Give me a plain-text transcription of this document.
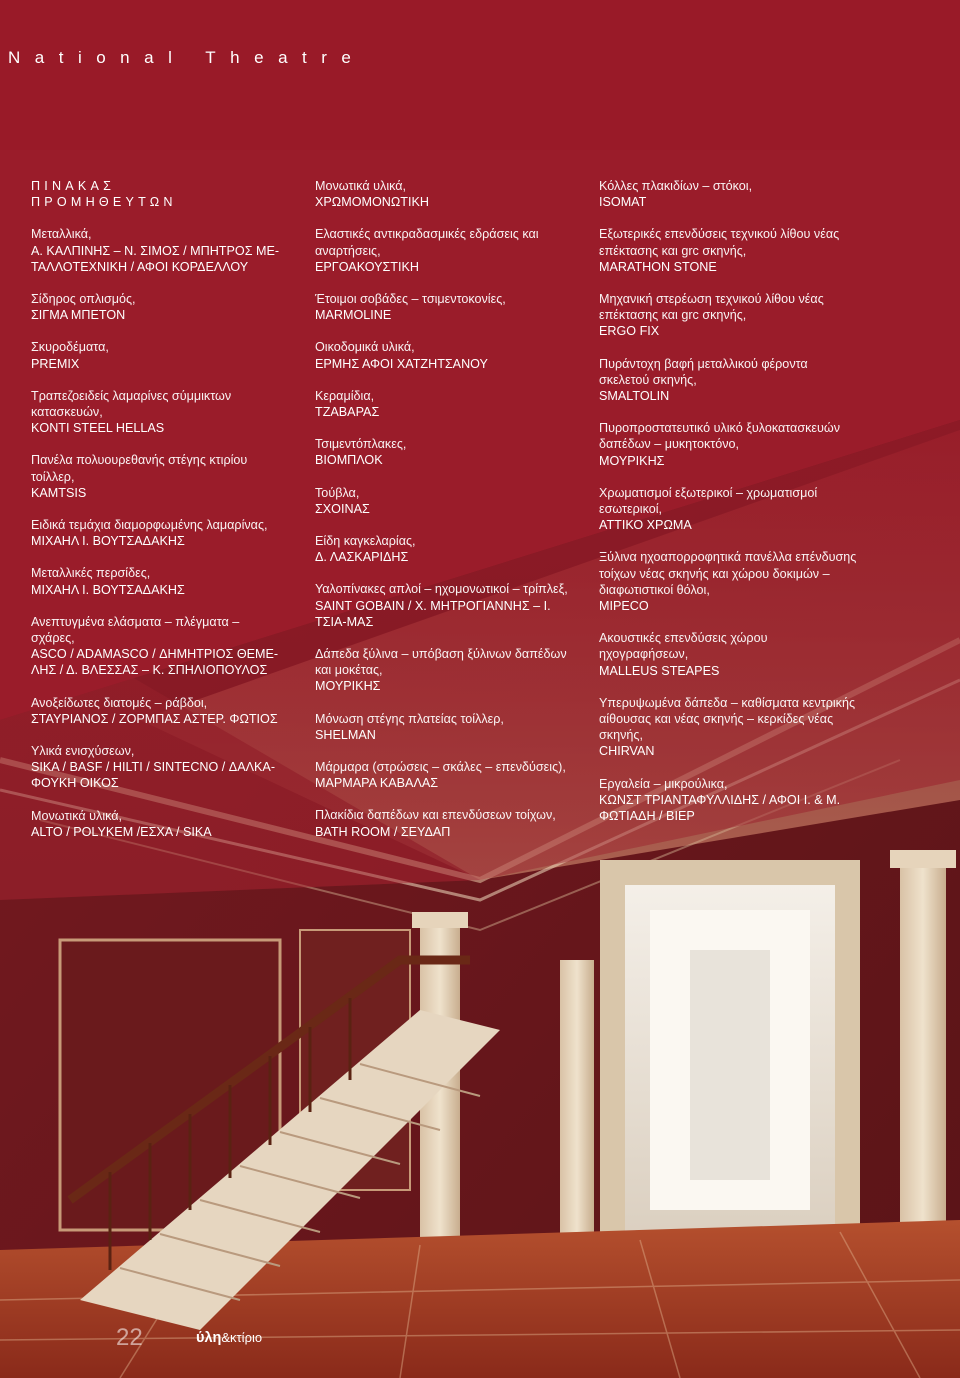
National Theatre
ΠΙΝΑΚΑΣ
ΠΡΟΜΗΘΕΥΤΩΝ
Μεταλλικά,
Α. ΚΑΛΠΙΝΗΣ – Ν. ΣΙΜΟΣ / ΜΠΗΤΡΟΣ ΜΕ-ΤΑΛΛΟΤΕΧΝΙΚΗ / ΑΦΟΙ ΚΟΡΔΕΛΛΟΥ
Σίδηρος οπλισμός,
ΣΙΓΜΑ ΜΠΕΤΟΝ
Σκυροδέματα,
PREMIX
Τραπεζοειδείς λαμαρίνες σύμμικτων κατασκευών,
KONTI STEEL HELLAS
Πανέλα πολυουρεθανής στέγης κτιρίου τοίλλερ,
KAMTSIS
Ειδικά τεμάχια διαμορφωμένης λαμαρίνας,
ΜΙΧΑΗΛ Ι. ΒΟΥΤΣΑΔΑΚΗΣ
Μεταλλικές περσίδες,
ΜΙΧΑΗΛ Ι. ΒΟΥΤΣΑΔΑΚΗΣ
Ανεπτυγμένα ελάσματα – πλέγματα – σχάρες,
ASCO / ADAMASCO / ΔΗΜΗΤΡΙΟΣ ΘΕΜΕ-ΛΗΣ / Δ. ΒΛΕΣΣΑΣ – Κ. ΣΠΗΛΙΟΠΟΥΛΟΣ
Ανοξείδωτες διατομές – ράβδοι,
ΣΤΑΥΡΙΑΝΟΣ / ΖΟΡΜΠΑΣ ΑΣΤΕΡ. ΦΩΤΙΟΣ
Υλικά ενισχύσεων,
SIKA / BASF / HILTI / SINTECNO / ΔΑΛΚΑ-ΦΟΥΚΗ ΟΙΚΟΣ
Μονωτικά υλικά,
ALTO / POLYKEM /ΕΣΧΑ / SIKA
Μονωτικά υλικά,
ΧΡΩΜΟΜΟΝΩΤΙΚΗ
Ελαστικές αντικραδασμικές εδράσεις και αναρτήσεις,
ΕΡΓΟΑΚΟΥΣΤΙΚΗ
Έτοιμοι σοβάδες – τσιμεντοκονίες,
MARMOLINE
Οικοδομικά υλικά,
ΕΡΜΗΣ ΑΦΟΙ ΧΑΤΖΗΤΣΑΝΟΥ
Κεραμίδια,
ΤΖΑΒΑΡΑΣ
Τσιμεντόπλακες,
ΒΙΟΜΠΛΟΚ
Τούβλα,
ΣΧΟΙΝΑΣ
Είδη καγκελαρίας,
Δ. ΛΑΣΚΑΡΙΔΗΣ
Υαλοπίνακες απλοί – ηχομονωτικοί – τρίπλεξ,
SAINT GOBAIN / Χ. ΜΗΤΡΟΓΙΑΝΝΗΣ – Ι. ΤΣΙΑ-ΜΑΣ
Δάπεδα ξύλινα – υπόβαση ξύλινων δαπέδων και μοκέτας,
ΜΟΥΡΙΚΗΣ
Μόνωση στέγης πλατείας τοίλλερ,
SHELMAN
Μάρμαρα (στρώσεις – σκάλες – επενδύσεις),
ΜΑΡΜΑΡΑ ΚΑΒΑΛΑΣ
Πλακίδια δαπέδων και επενδύσεων τοίχων,
BATH ROOM / ΣΕΥΔΑΠ
Κόλλες πλακιδίων – στόκοι,
ISOMAT
Εξωτερικές επενδύσεις τεχνικού λίθου νέας επέκτασης και grc σκηνής,
MARATHON STONE
Μηχανική στερέωση τεχνικού λίθου νέας επέκτασης και grc σκηνής,
ERGO FIX
Πυράντοχη βαφή μεταλλικού φέροντα σκελετού σκηνής,
SMALTOLIN
Πυροπροστατευτικό υλικό ξυλοκατασκευών δαπέδων – μυκητοκτόνο,
ΜΟΥΡΙΚΗΣ
Χρωματισμοί εξωτερικοί – χρωματισμοί εσωτερικοί,
ΑΤΤΙΚΟ ΧΡΩΜΑ
Ξύλινα ηχοαπορροφητικά πανέλλα επένδυσης τοίχων νέας σκηνής και χώρου δοκιμών – διαφωτιστικοί θόλοι,
MIPECO
Ακουστικές επενδύσεις χώρου ηχογραφήσεων,
MALLEUS STEAPES
Υπερυψωμένα δάπεδα – καθίσματα κεντρικής αίθουσας και νέας σκηνής – κερκίδες νέας σκηνής,
CHIRVAN
Εργαλεία – μικρούλικα,
ΚΩΝΣΤ ΤΡΙΑΝΤΑΦΥΛΛΙΔΗΣ / ΑΦΟΙ Ι. & Μ. ΦΩΤΙΑΔΗ / BIEP
22	ύλη&κτίριο
